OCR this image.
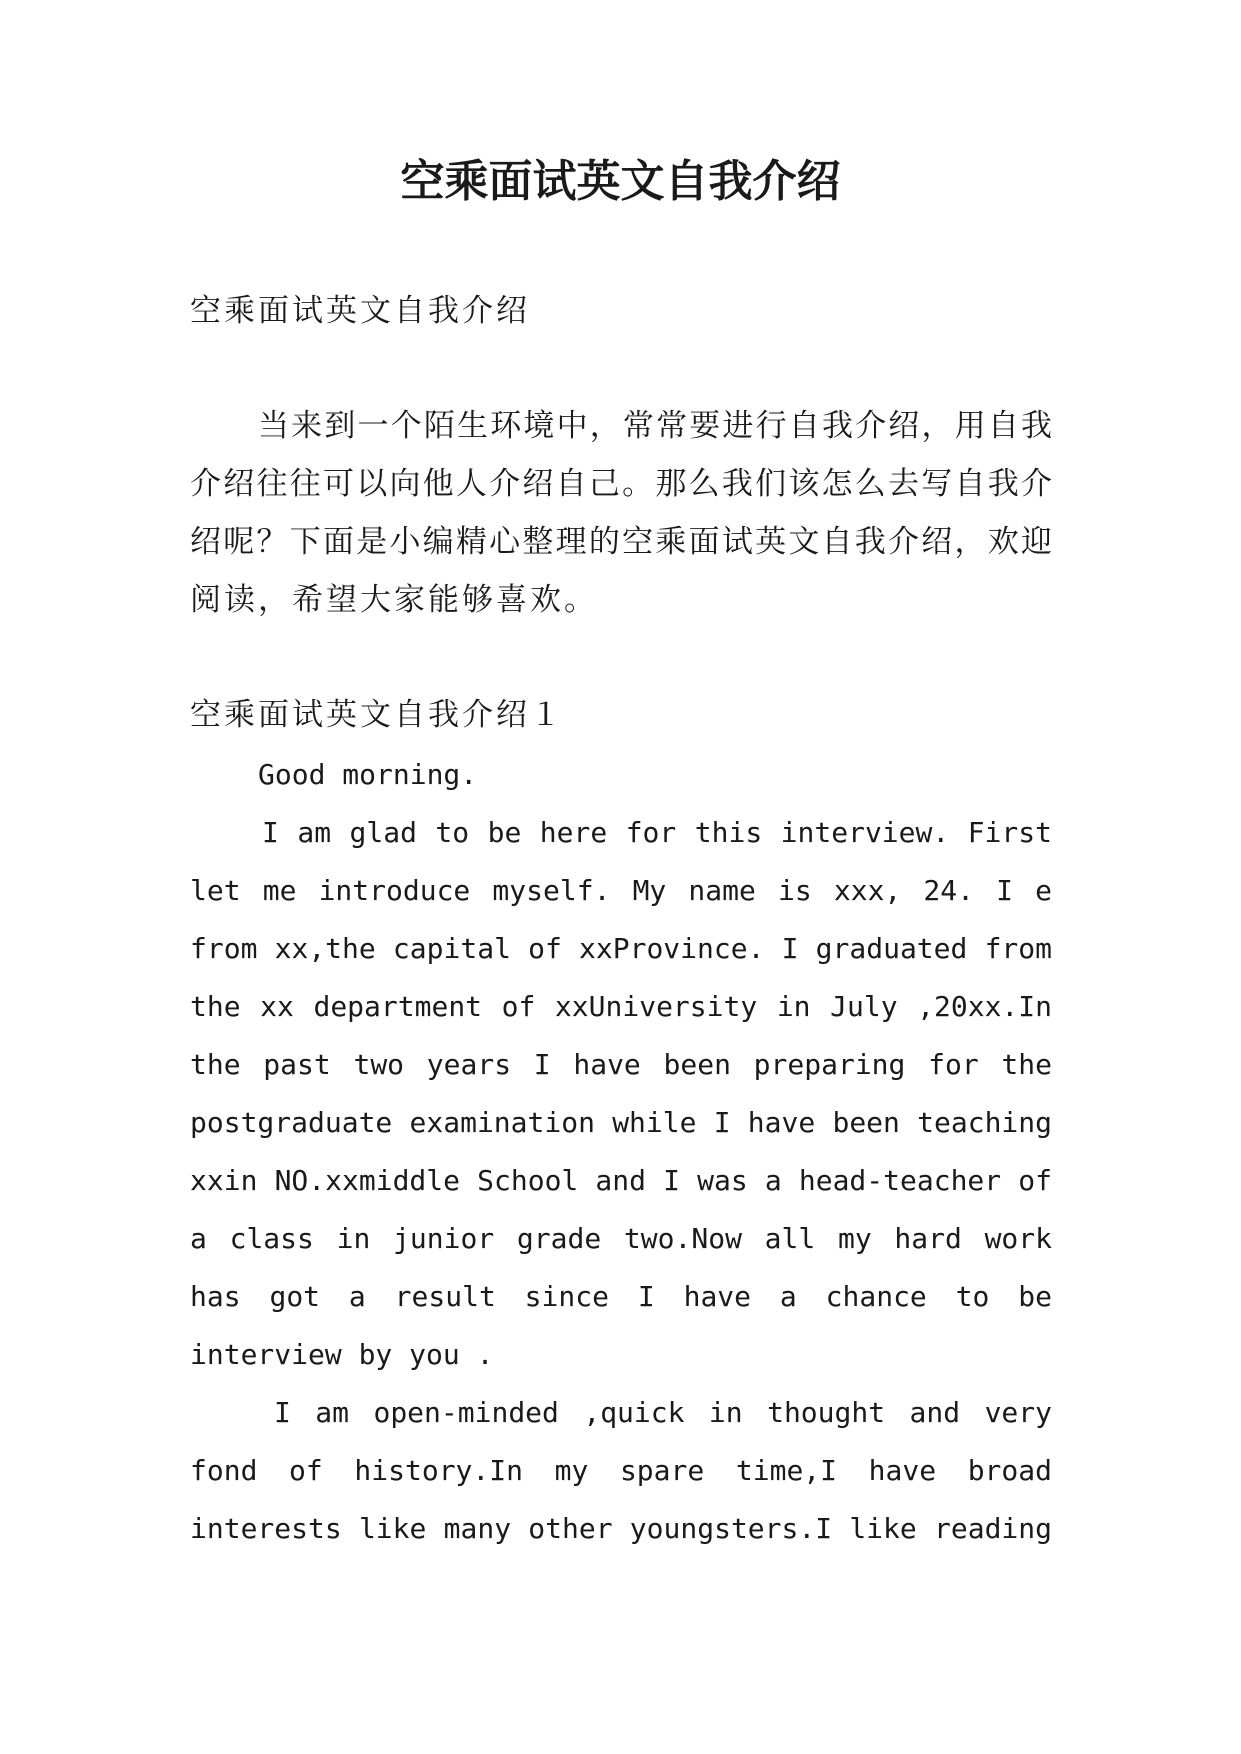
空乘面试英文自我介绍

空乘面试英文自我介绍

当来到一个陌生环境中，常常要进行自我介绍，用自我

介绍往往可以向他人介绍自己。那么我们该怎么去写自我介

绍呢？下面是小编精心整理的空乘面试英文自我介绍，欢迎

阅读，希望大家能够喜欢。

空乘面试英文自我介绍１

Good morning.

I am glad to be here for this interview. First

let me introduce myself. My name is xxx, 24. I e

from xx,the capital of xxProvince. I graduated from

the xx department of xxUniversity in July ,20xx.In

the past two years I have been preparing for the

postgraduate examination while I have been teaching

xxin NO.xxmiddle School and I was a head-teacher of

a class in junior grade two.Now all my hard work

has got a result since I have a chance to be

interview by you .

I am open-minded ,quick in thought and very

fond of history.In my spare time,I have broad

interests like many other youngsters.I like reading
